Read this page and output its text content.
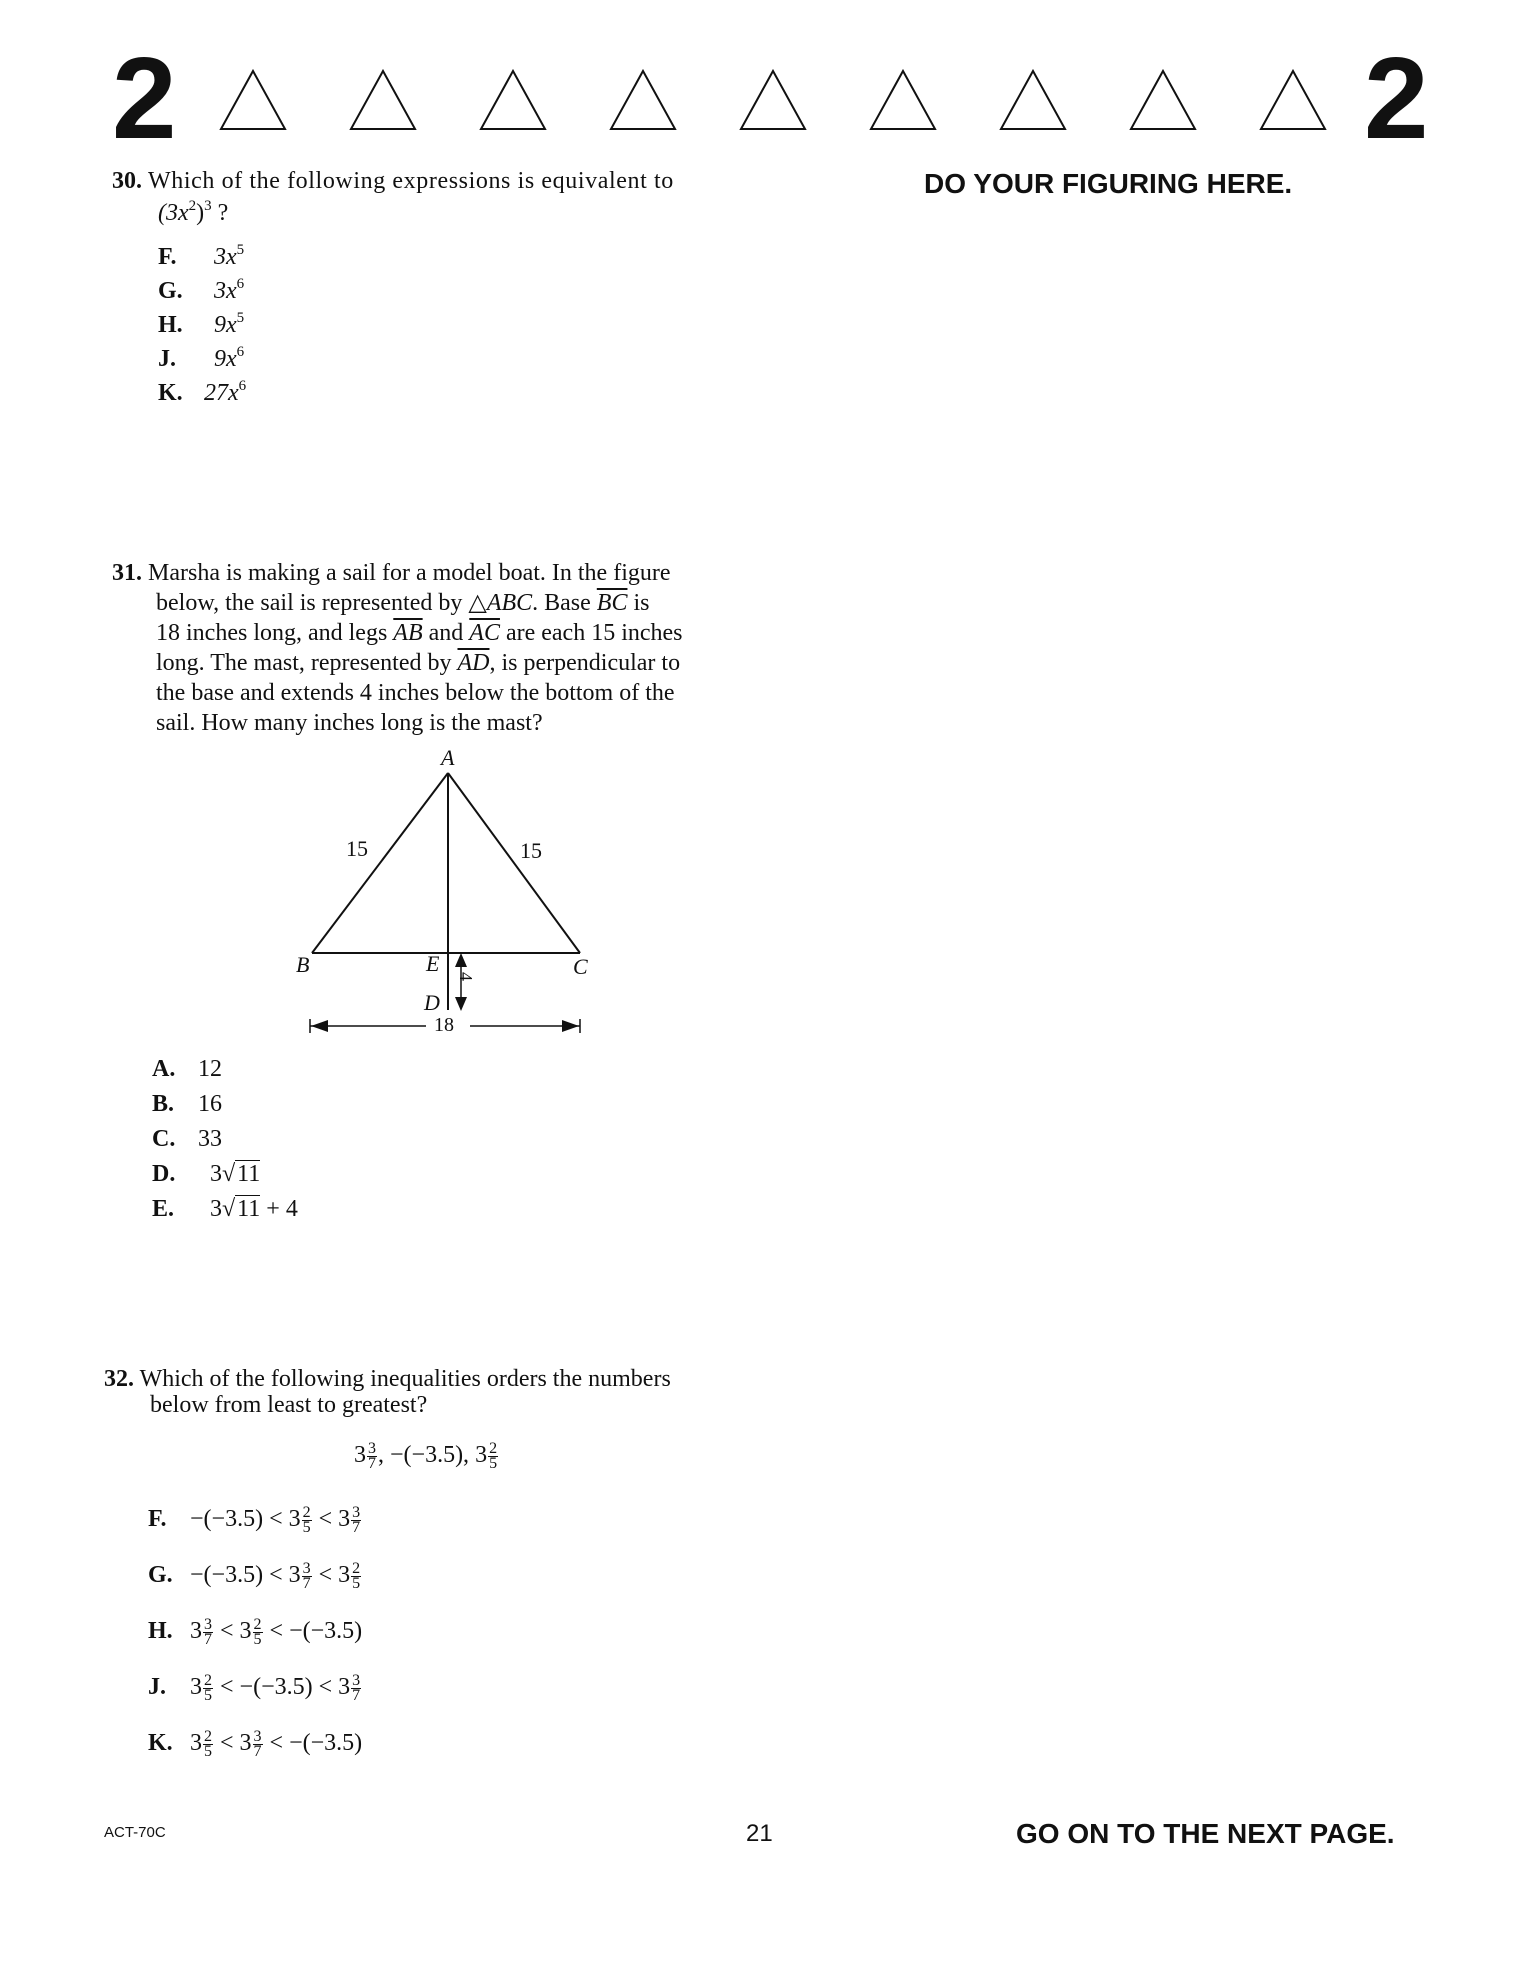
2	2
DO YOUR FIGURING HERE.
30. Which of the following expressions is equivalent to
$(3x^2)^3$ ?
F. $3x^5$
G. $3x^6$
H. $9x^5$
J. $9x^6$
K. $27x^6$
31. Marsha is making a sail for a model boat. In the figure
below, the sail is represented by △ABC. Base $\overline{BC}$ is
18 inches long, and legs $\overline{AB}$ and $\overline{AC}$ are each 15 inches
long. The mast, represented by $\overline{AD}$, is perpendicular to
the base and extends 4 inches below the bottom of the
sail. How many inches long is the mast?
A
B	C
E
D
15	15
4
18
A. 12
B. 16
C. 33
D. 3√11
E. 3√11 + 4
32. Which of the following inequalities orders the numbers
below from least to greatest?
$3 \frac{3}{7}$ , −(−3.5), $3 \frac{2}{5}$
F. $-(-3.5) < 3 \frac{2}{5} < 3 \frac{3}{7}$
G. $-(-3.5) < 3 \frac{3}{7} < 3 \frac{2}{5}$
H. $3 \frac{3}{7} < 3 \frac{2}{5} < -(-3.5)$
J. $3 \frac{2}{5} < -(-3.5) < 3 \frac{3}{7}$
K. $3 \frac{2}{5} < 3 \frac{3}{7} < -(-3.5)$
ACT-70C	21	GO ON TO THE NEXT PAGE.
